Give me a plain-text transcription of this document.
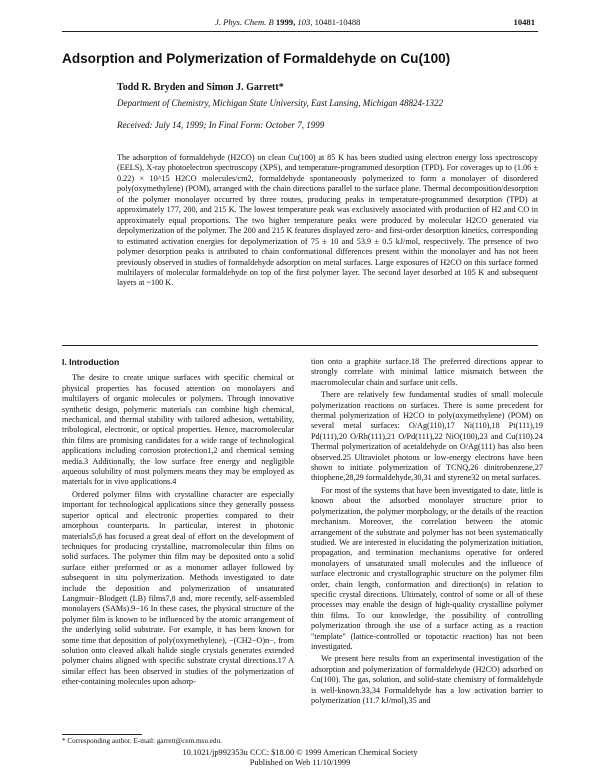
J. Phys. Chem. B 1999, 103, 10481-10488	10481
Adsorption and Polymerization of Formaldehyde on Cu(100)
Todd R. Bryden and Simon J. Garrett*
Department of Chemistry, Michigan State University, East Lansing, Michigan 48824-1322
Received: July 14, 1999; In Final Form: October 7, 1999
The adsorption of formaldehyde (H2CO) on clean Cu(100) at 85 K has been studied using electron energy loss spectroscopy (EELS), X-ray photoelectron spectroscopy (XPS), and temperature-programmed desorption (TPD). For coverages up to (1.06 ± 0.22) × 10^15 H2CO molecules/cm2, formaldehyde spontaneously polymerized to form a monolayer of disordered poly(oxymethylene) (POM), arranged with the chain directions parallel to the surface plane. Thermal decomposition/desorption of the polymer monolayer occurred by three routes, producing peaks in temperature-programmed desorption (TPD) at approximately 177, 200, and 215 K. The lowest temperature peak was exclusively associated with production of H2 and CO in approximately equal proportions. The two higher temperature peaks were produced by molecular H2CO generated via depolymerization of the polymer. The 200 and 215 K features displayed zero- and first-order desorption kinetics, corresponding to estimated activation energies for depolymerization of 75 ± 10 and 53.9 ± 0.5 kJ/mol, respectively. The presence of two polymer desorption peaks is attributed to chain conformational differences present within the monolayer and has not been previously observed in studies of formaldehyde adsorption on metal surfaces. Large exposures of H2CO on this surface formed multilayers of molecular formaldehyde on top of the first polymer layer. The second layer desorbed at 105 K and subsequent layers at ~100 K.
I. Introduction

The desire to create unique surfaces with specific chemical or physical properties has focused attention on monolayers and multilayers of organic molecules or polymers. Through innovative synthetic design, polymeric materials can combine high chemical, mechanical, and thermal stability with tailored adhesion, wettability, tribological, electronic, or optical properties. Hence, macromolecular thin films are promising candidates for a wide range of technological applications including corrosion protection1,2 and chemical sensing media.3 Additionally, the low surface free energy and negligible aqueous solubility of most polymers means they may be employed as materials for in vivo applications.4

Ordered polymer films with crystalline character are especially important for technological applications since they generally possess superior optical and electronic properties compared to their amorphous counterparts. In particular, interest in photonic materials5,6 has focused a great deal of effort on the development of techniques for producing crystalline, macromolecular thin films on solid surfaces. The polymer thin film may be deposited onto a solid surface either preformed or as a monomer adlayer followed by subsequent in situ polymerization. Methods investigated to date include the deposition and polymerization of unsaturated Langmuir−Blodgett (LB) films7,8 and, more recently, self-assembled monolayers (SAMs).9−16 In these cases, the physical structure of the polymer film is known to be influenced by the atomic arrangement of the underlying solid substrate. For example, it has been known for some time that deposition of poly(oxymethylene), −(CH2−O)n−, from solution onto cleaved alkali halide single crystals generates extended polymer chains aligned with specific substrate crystal directions.17 A similar effect has been observed in studies of the polymerization of ether-containing molecules upon adsorp-

tion onto a graphite surface.18 The preferred directions appear to strongly correlate with minimal lattice mismatch between the macromolecular chain and surface unit cells.

There are relatively few fundamental studies of small molecule polymerization reactions on surfaces. There is some precedent for thermal polymerization of H2CO to poly(oxymethylene) (POM) on several metal surfaces: O/Ag(110),17 Ni(110),18 Pt(111),19 Pd(111),20 O/Rh(111),21 O/Pd(111),22 NiO(100),23 and Cu(110).24 Thermal polymerization of acetaldehyde on O/Ag(111) has also been observed.25 Ultraviolet photons or low-energy electrons have been shown to initiate polymerization of TCNQ,26 dinitrobenzene,27 thiophene,28,29 formaldehyde,30,31 and styrene32 on metal surfaces.

For most of the systems that have been investigated to date, little is known about the adsorbed monolayer structure prior to polymerization, the polymer morphology, or the details of the reaction mechanism. Moreover, the correlation between the atomic arrangement of the substrate and polymer has not been systematically studied. We are interested in elucidating the polymerization initiation, propagation, and termination mechanisms operative for ordered monolayers of unsaturated small molecules and the influence of surface electronic and crystallographic structure on the polymer film order, chain length, conformation and direction(s) in relation to specific crystal directions. Ultimately, control of some or all of these processes may enable the design of high-quality crystalline polymer thin films. To our knowledge, the possibility of controlling polymerization through the use of a surface acting as a reaction "template" (lattice-controlled or topotactic reaction) has not been investigated.

We present here results from an experimental investigation of the adsorption and polymerization of formaldehyde (H2CO) adsorbed on Cu(100). The gas, solution, and solid-state chemistry of formaldehyde is well-known.33,34 Formaldehyde has a low activation barrier to polymerization (11.7 kJ/mol),35 and

* Corresponding author. E-mail: garrett@cem.msu.edu.
10.1021/jp992353u CCC: $18.00 © 1999 American Chemical Society
Published on Web 11/10/1999
